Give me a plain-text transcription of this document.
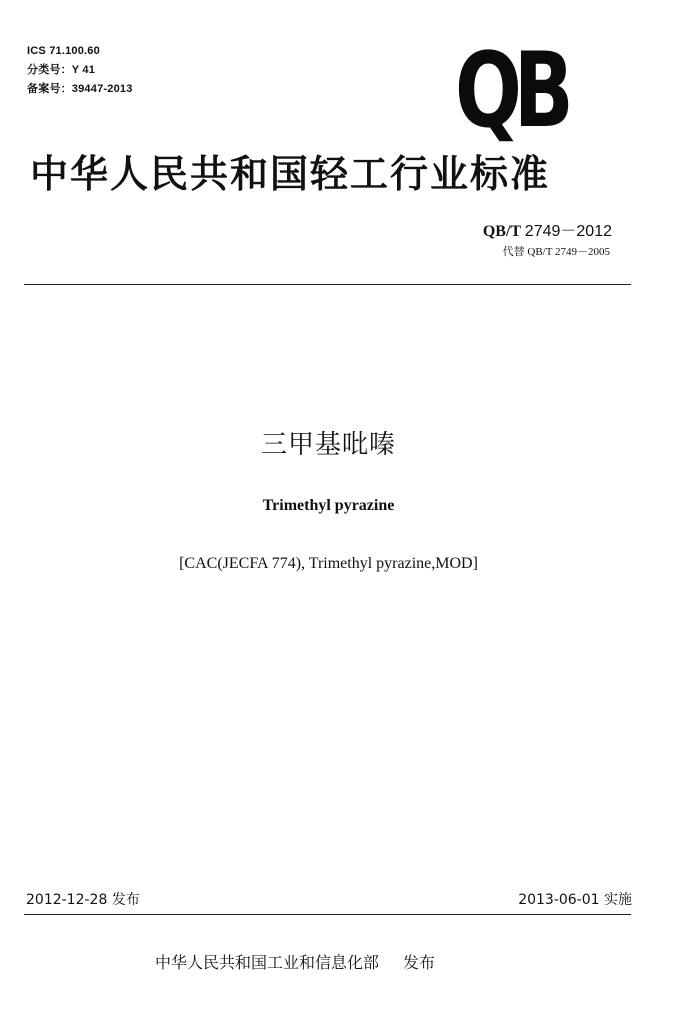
ICS 71.100.60
分类号：Y 41
备案号：39447-2013	QB
中华人民共和国轻工行业标准
QB/T 2749－2012
代替 QB/T 2749－2005
三甲基吡嗪
Trimethyl pyrazine
[CAC(JECFA 774), Trimethyl pyrazine,MOD]
2012-12-28 发布	2013-06-01 实施
中华人民共和国工业和信息化部 发布
